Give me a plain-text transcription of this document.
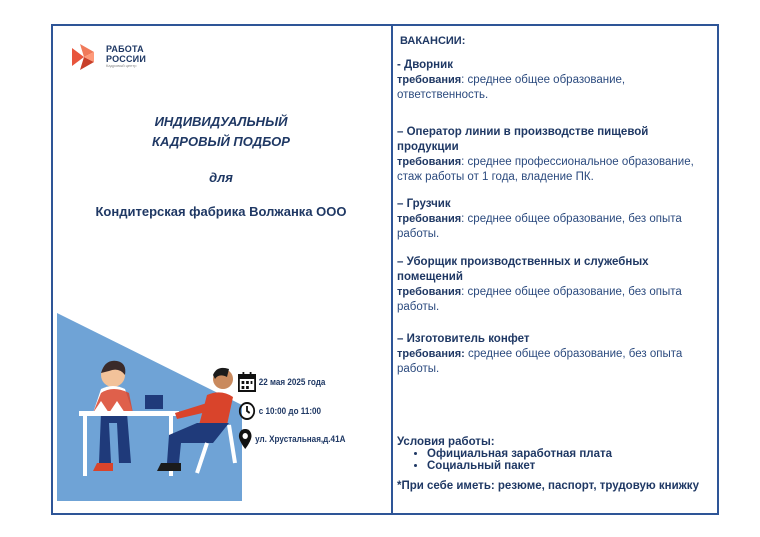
РАБОТА
РОССИИ
Кадровый центр
ИНДИВИДУАЛЬНЫЙ
КАДРОВЫЙ ПОДБОР
для
Кондитерская фабрика Волжанка ООО
22 мая 2025 года
с 10:00 до 11:00
ул. Хрустальная,д.41А
ВАКАНСИИ:
- Дворник
требования: среднее общее образование, ответственность.
– Оператор линии в производстве пищевой продукции
требования: среднее профессиональное образование, стаж работы от 1 года, владение ПК.
– Грузчик
требования: среднее общее образование, без опыта работы.
– Уборщик производственных и служебных помещений
требования: среднее общее образование, без опыта работы.
– Изготовитель конфет
требования: среднее общее образование, без опыта работы.
Условия работы:
• Официальная заработная плата
• Социальный пакет
*При себе иметь: резюме, паспорт, трудовую книжку
